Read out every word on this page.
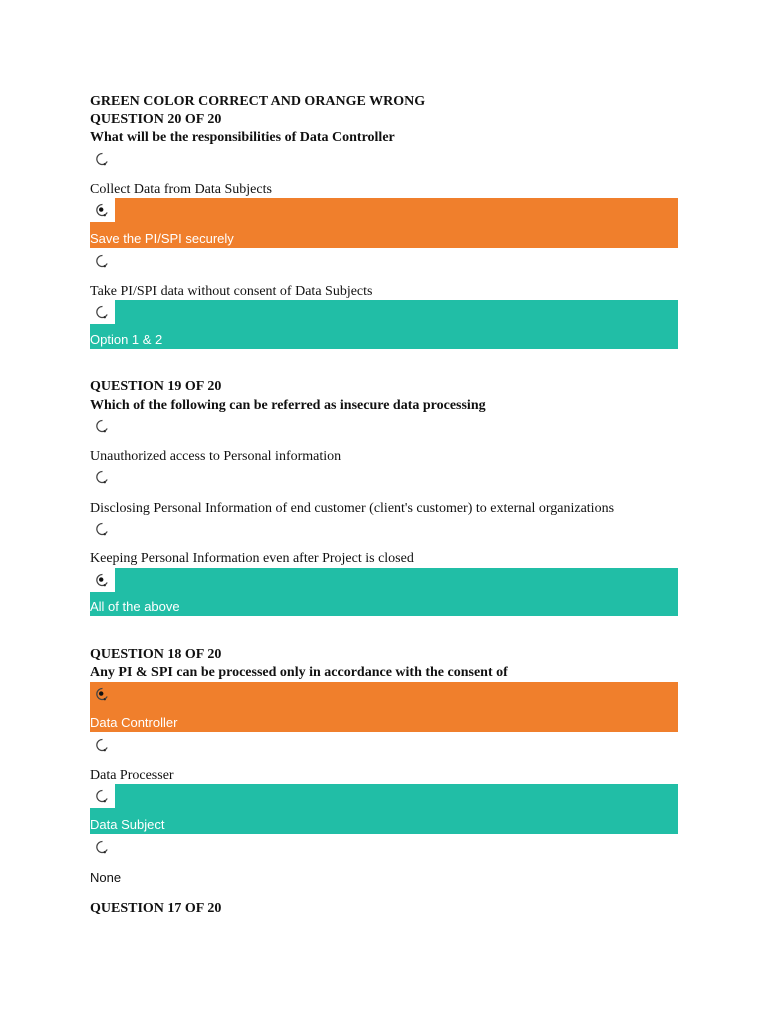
GREEN COLOR CORRECT AND ORANGE WRONG
QUESTION 20 OF 20
What will be the responsibilities of Data Controller
Collect Data from Data Subjects
Save the PI/SPI securely
Take PI/SPI data without consent of Data Subjects
Option 1 & 2
QUESTION 19 OF 20
Which of the following can be referred as insecure data processing
Unauthorized access to Personal information
Disclosing Personal Information of end customer (client's customer) to external organizations
Keeping Personal Information even after Project is closed
All of the above
QUESTION 18 OF 20
Any PI & SPI can be processed only in accordance with the consent of
Data Controller
Data Processer
Data Subject
None
QUESTION 17 OF 20
